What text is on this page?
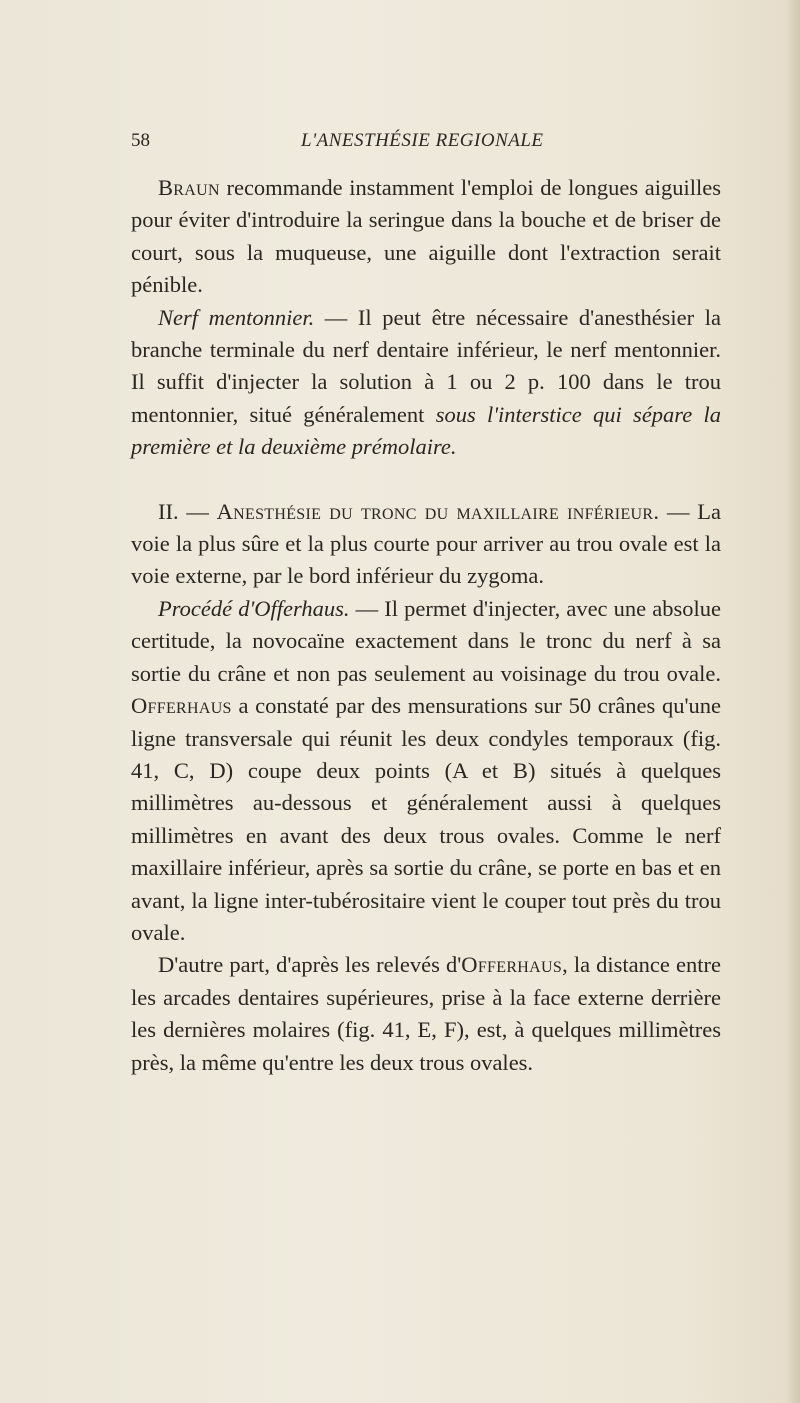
58	L'ANESTHÉSIE REGIONALE

Braun recommande instamment l'emploi de longues aiguilles pour éviter d'introduire la seringue dans la bouche et de briser de court, sous la muqueuse, une aiguille dont l'extraction serait pénible.

Nerf mentonnier. — Il peut être nécessaire d'anesthésier la branche terminale du nerf dentaire inférieur, le nerf mentonnier. Il suffit d'injecter la solution à 1 ou 2 p. 100 dans le trou mentonnier, situé généralement sous l'interstice qui sépare la première et la deuxième prémolaire.

II. — Anesthésie du tronc du maxillaire inférieur. — La voie la plus sûre et la plus courte pour arriver au trou ovale est la voie externe, par le bord inférieur du zygoma.

Procédé d'Offerhaus. — Il permet d'injecter, avec une absolue certitude, la novocaïne exactement dans le tronc du nerf à sa sortie du crâne et non pas seulement au voisinage du trou ovale. Offerhaus a constaté par des mensurations sur 50 crânes qu'une ligne transversale qui réunit les deux condyles temporaux (fig. 41, C, D) coupe deux points (A et B) situés à quelques millimètres au-dessous et généralement aussi à quelques millimètres en avant des deux trous ovales. Comme le nerf maxillaire inférieur, après sa sortie du crâne, se porte en bas et en avant, la ligne inter-tubérositaire vient le couper tout près du trou ovale.

D'autre part, d'après les relevés d'Offerhaus, la distance entre les arcades dentaires supérieures, prise à la face externe derrière les dernières molaires (fig. 41, E, F), est, à quelques millimètres près, la même qu'entre les deux trous ovales.
